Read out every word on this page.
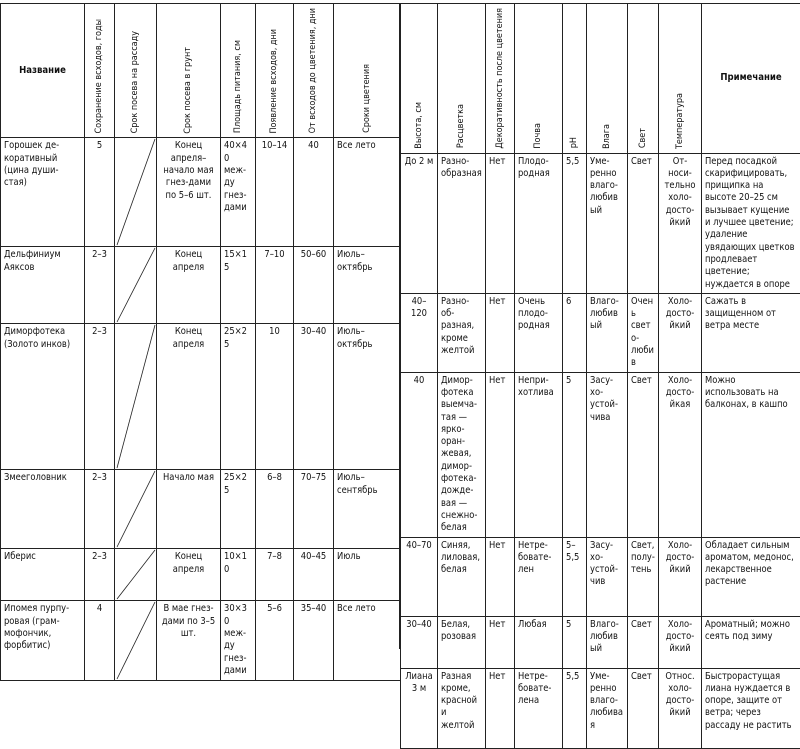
Название	Сохранение всходов, годы	Срок посева на рассаду	Срок посева в грунт	Площадь питания, см	Появление всходов, дни	От всходов до цветения, дни	Сроки цветения

Горошек де-коративный (цина души-стая)	5		Конец апреля–начало мая гнез-дами по 5–6 шт.	40×40 меж-ду гнез-дами	10–14	40	Все лето
Дельфиниум Аяксов	2–3		Конец апреля	15×15	7–10	50–60	Июль–октябрь
Диморфотека (Золото инков)	2–3		Конец апреля	25×25	10	30–40	Июль–октябрь
Змееголовник	2–3		Начало мая	25×25	6–8	70–75	Июль–сентябрь
Иберис	2–3		Конец апреля	10×10	7–8	40–45	Июль
Ипомея пурпу-ровая (грам-мофончик, форбитис)	4		В мае гнез-дами по 3–5 шт.	30×30 меж-ду гнез-дами	5–6	35–40	Все лето
Высота, см	Расцветка	Декоративность после цветения	Почва	pH	Влага	Свет	Температура	Примечание
До 2 м	Разно-образная	Нет	Плодо-родная	5,5	Уме-ренно влаго-любивый	Свет	От-носи-тельно холо-досто-йкий	Перед посадкой скарифицировать, прищипка на высоте 20–25 см вызывает кущение и лучшее цветение; удаление увядающих цветков продлевает цветение; нуждается в опоре
40–120	Разно-об-разная, кроме желтой	Нет	Очень плодо-родная	6	Влаго-любивый	Очень свето-любив	Холо-досто-йкий	Сажать в защищенном от ветра месте
40	Димор-фотека выемча-тая — ярко-оран-жевая, димор-фотека-дожде-вая — снежно-белая	Нет	Непри-хотлива	5	Засу-хо-устой-чива	Свет	Холо-досто-йкая	Можно использовать на балконах, в кашпо
40–70	Синяя, лиловая, белая	Нет	Нетре-бовате-лен	5–5,5	Засу-хо-устой-чив	Свет, полу-тень	Холо-досто-йкий	Обладает сильным ароматом, медонос, лекарственное растение
30–40	Белая, розовая	Нет	Любая	5	Влаго-любивый	Свет	Холо-досто-йкий	Ароматный; можно сеять под зиму
Лиана 3 м	Разная кроме, красной и желтой	Нет	Нетре-бовате-лена	5,5	Уме-ренно влаго-любивая	Свет	Относ. холо-досто-йкий	Быстрорастущая лиана нуждается в опоре, защите от ветра; через рассаду не растить
